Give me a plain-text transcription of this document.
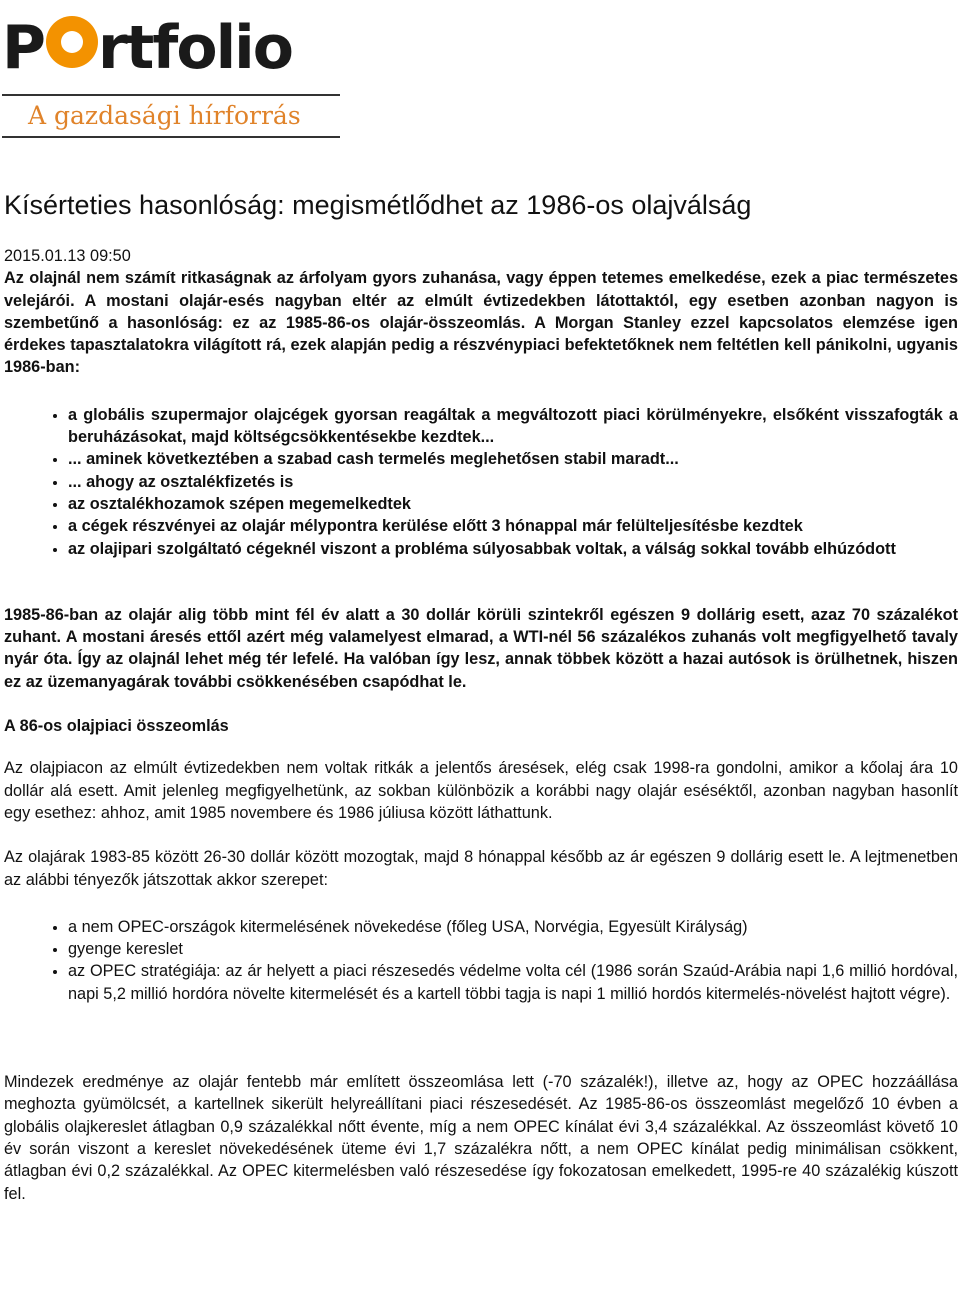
P rtfolio
A gazdasági hírforrás
Kísérteties hasonlóság: megismétlődhet az 1986-os olajválság

2015.01.13 09:50

Az olajnál nem számít ritkaságnak az árfolyam gyors zuhanása, vagy éppen tetemes emelkedése, ezek a piac természetes velejárói. A mostani olajár-esés nagyban eltér az elmúlt évtizedekben látottaktól, egy esetben azonban nagyon is szembetűnő a hasonlóság: ez az 1985-86-os olajár-összeomlás. A Morgan Stanley ezzel kapcsolatos elemzése igen érdekes tapasztalatokra világított rá, ezek alapján pedig a részvénypiaci befektetőknek nem feltétlen kell pánikolni, ugyanis 1986-ban:

• a globális szupermajor olajcégek gyorsan reagáltak a megváltozott piaci körülményekre, elsőként visszafogták a beruházásokat, majd költségcsökkentésekbe kezdtek...
• ... aminek következtében a szabad cash termelés meglehetősen stabil maradt...
• ... ahogy az osztalékfizetés is
• az osztalékhozamok szépen megemelkedtek
• a cégek részvényei az olajár mélypontra kerülése előtt 3 hónappal már felülteljesítésbe kezdtek
• az olajipari szolgáltató cégeknél viszont a probléma súlyosabbak voltak, a válság sokkal tovább elhúzódott

1985-86-ban az olajár alig több mint fél év alatt a 30 dollár körüli szintekről egészen 9 dollárig esett, azaz 70 százalékot zuhant. A mostani áresés ettől azért még valamelyest elmarad, a WTI-nél 56 százalékos zuhanás volt megfigyelhető tavaly nyár óta. Így az olajnál lehet még tér lefelé. Ha valóban így lesz, annak többek között a hazai autósok is örülhetnek, hiszen ez az üzemanyagárak további csökkenésében csapódhat le.

A 86-os olajpiaci összeomlás

Az olajpiacon az elmúlt évtizedekben nem voltak ritkák a jelentős áresések, elég csak 1998-ra gondolni, amikor a kőolaj ára 10 dollár alá esett. Amit jelenleg megfigyelhetünk, az sokban különbözik a korábbi nagy olajár eséséktől, azonban nagyban hasonlít egy esethez: ahhoz, amit 1985 novembere és 1986 júliusa között láthattunk.

Az olajárak 1983-85 között 26-30 dollár között mozogtak, majd 8 hónappal később az ár egészen 9 dollárig esett le. A lejtmenetben az alábbi tényezők játszottak akkor szerepet:

• a nem OPEC-országok kitermelésének növekedése (főleg USA, Norvégia, Egyesült Királyság)
• gyenge kereslet
• az OPEC stratégiája: az ár helyett a piaci részesedés védelme volta cél (1986 során Szaúd-Arábia napi 1,6 millió hordóval, napi 5,2 millió hordóra növelte kitermelését és a kartell többi tagja is napi 1 millió hordós kitermelés-növelést hajtott végre).

Mindezek eredménye az olajár fentebb már említett összeomlása lett (-70 százalék!), illetve az, hogy az OPEC hozzáállása meghozta gyümölcsét, a kartellnek sikerült helyreállítani piaci részesedését. Az 1985-86-os összeomlást megelőző 10 évben a globális olajkereslet átlagban 0,9 százalékkal nőtt évente, míg a nem OPEC kínálat évi 3,4 százalékkal. Az összeomlást követő 10 év során viszont a kereslet növekedésének üteme évi 1,7 százalékra nőtt, a nem OPEC kínálat pedig minimálisan csökkent, átlagban évi 0,2 százalékkal. Az OPEC kitermelésben való részesedése így fokozatosan emelkedett, 1995-re 40 százalékig kúszott fel.
